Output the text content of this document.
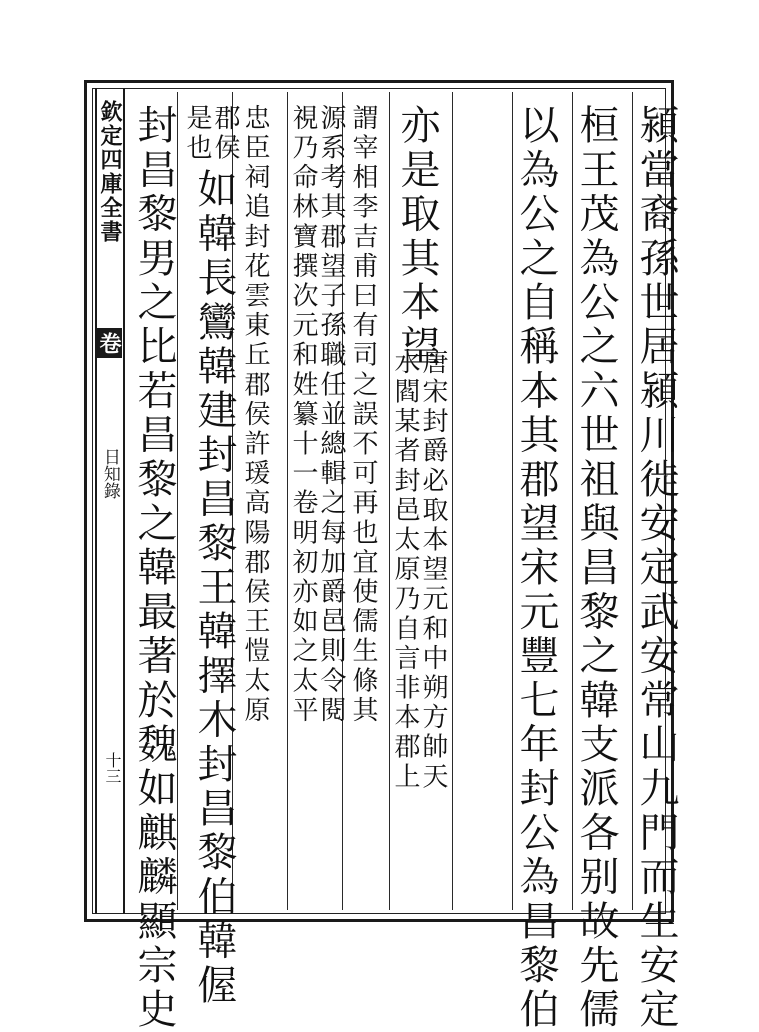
欽定四庫全書
卷
日知錄
十三	潁當裔孫世居潁川徙安定武安常山九門而生安定
桓王茂為公之六世祖與昌黎之韓支派各别故先儒
以為公之自稱本其郡望宋元豐七年封公為昌黎伯
亦是取其本望
唐宋封爵必取本望元和中朔方帥天
水閻某者封邑太原乃自言非本郡上
謂宰相李吉甫曰有司之誤不可再也宜使儒生條其
源系考其郡望子孫職任並總輯之每加爵邑則令閱
視乃命林寶撰次元和姓纂十一卷明初亦如之太平
忠臣祠追封花雲東丘郡侯許瑗高陽郡侯王愷太原
郡侯
是也
如韓長鸞韓建封昌黎王韓擇木封昌黎伯韓偓
封昌黎男之比若昌黎之韓最著於魏如麒麟顯宗史
